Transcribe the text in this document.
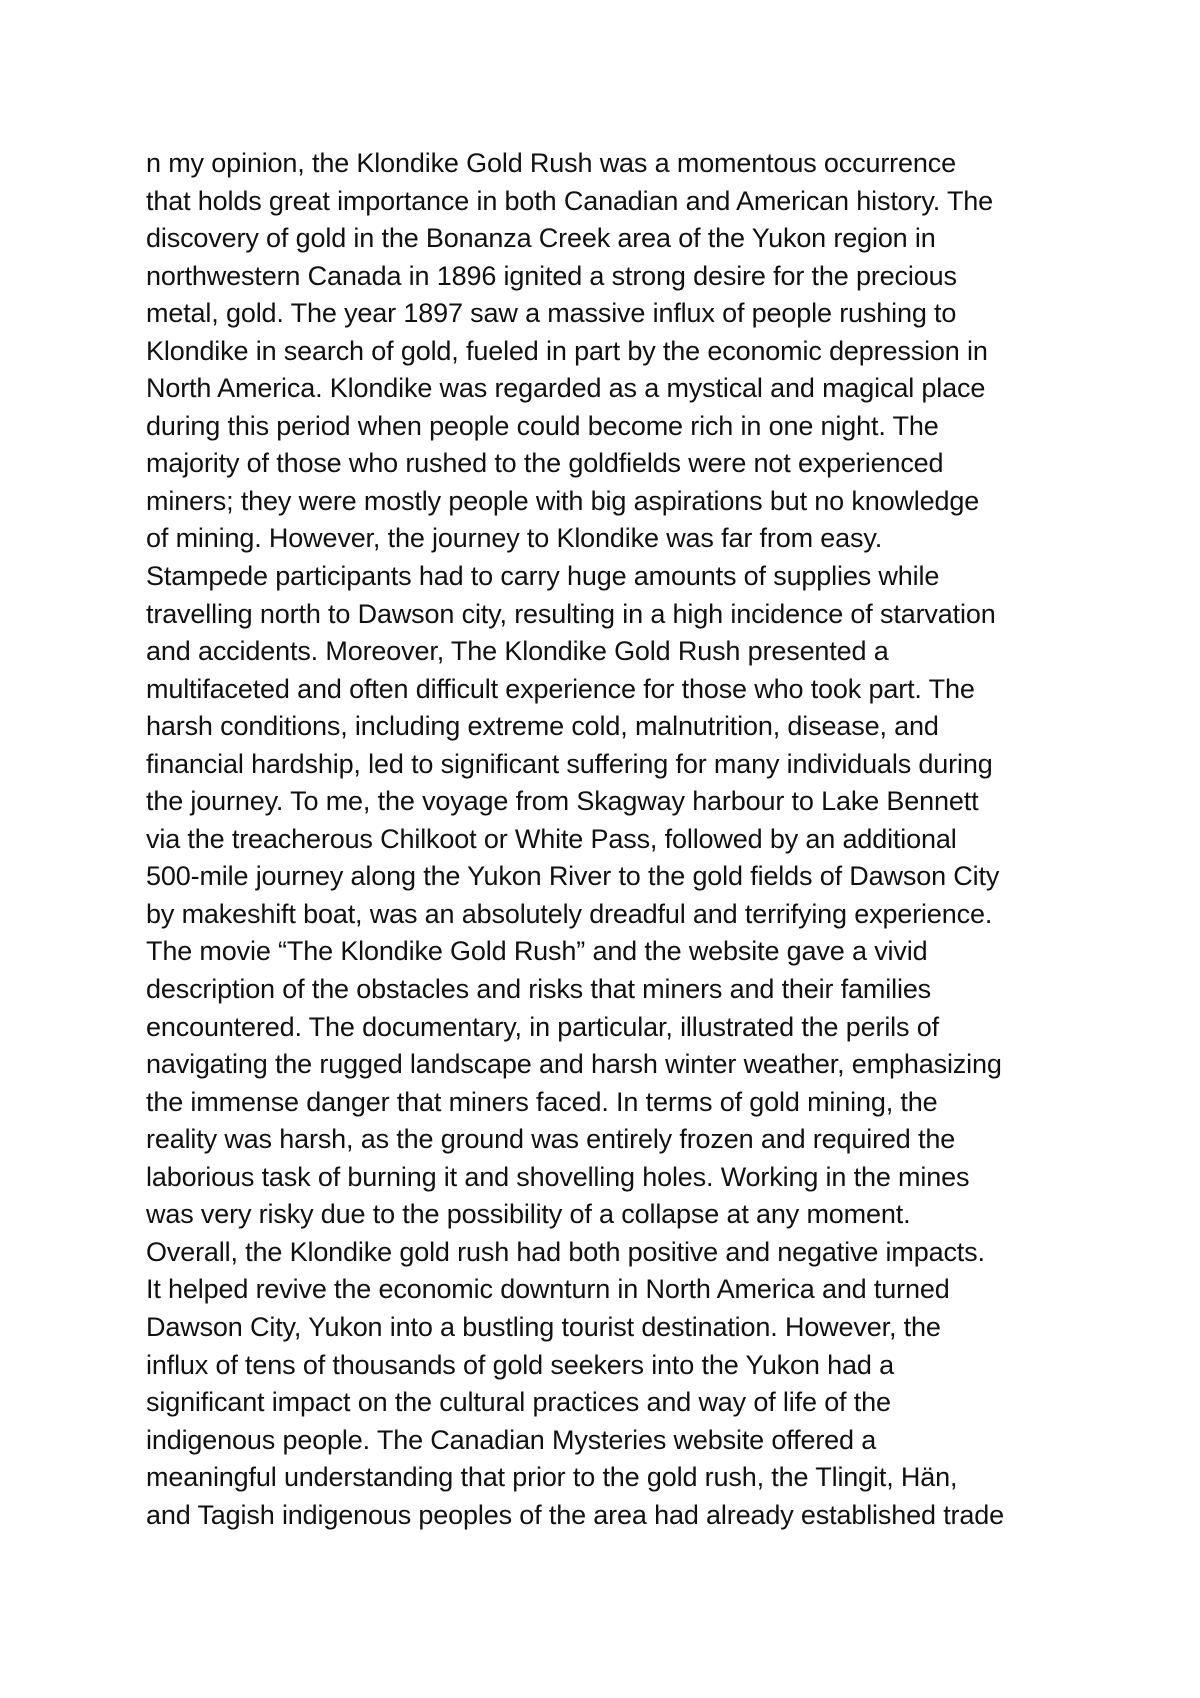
n my opinion, the Klondike Gold Rush was a momentous occurrence
that holds great importance in both Canadian and American history. The
discovery of gold in the Bonanza Creek area of the Yukon region in
northwestern Canada in 1896 ignited a strong desire for the precious
metal, gold. The year 1897 saw a massive influx of people rushing to
Klondike in search of gold, fueled in part by the economic depression in
North America. Klondike was regarded as a mystical and magical place
during this period when people could become rich in one night. The
majority of those who rushed to the goldfields were not experienced
miners; they were mostly people with big aspirations but no knowledge
of mining. However, the journey to Klondike was far from easy.
Stampede participants had to carry huge amounts of supplies while
travelling north to Dawson city, resulting in a high incidence of starvation
and accidents. Moreover, The Klondike Gold Rush presented a
multifaceted and often difficult experience for those who took part. The
harsh conditions, including extreme cold, malnutrition, disease, and
financial hardship, led to significant suffering for many individuals during
the journey. To me, the voyage from Skagway harbour to Lake Bennett
via the treacherous Chilkoot or White Pass, followed by an additional
500-mile journey along the Yukon River to the gold fields of Dawson City
by makeshift boat, was an absolutely dreadful and terrifying experience.
The movie “The Klondike Gold Rush” and the website gave a vivid
description of the obstacles and risks that miners and their families
encountered. The documentary, in particular, illustrated the perils of
navigating the rugged landscape and harsh winter weather, emphasizing
the immense danger that miners faced. In terms of gold mining, the
reality was harsh, as the ground was entirely frozen and required the
laborious task of burning it and shovelling holes. Working in the mines
was very risky due to the possibility of a collapse at any moment.
Overall, the Klondike gold rush had both positive and negative impacts.
It helped revive the economic downturn in North America and turned
Dawson City, Yukon into a bustling tourist destination. However, the
influx of tens of thousands of gold seekers into the Yukon had a
significant impact on the cultural practices and way of life of the
indigenous people. The Canadian Mysteries website offered a
meaningful understanding that prior to the gold rush, the Tlingit, Hän,
and Tagish indigenous peoples of the area had already established trade
